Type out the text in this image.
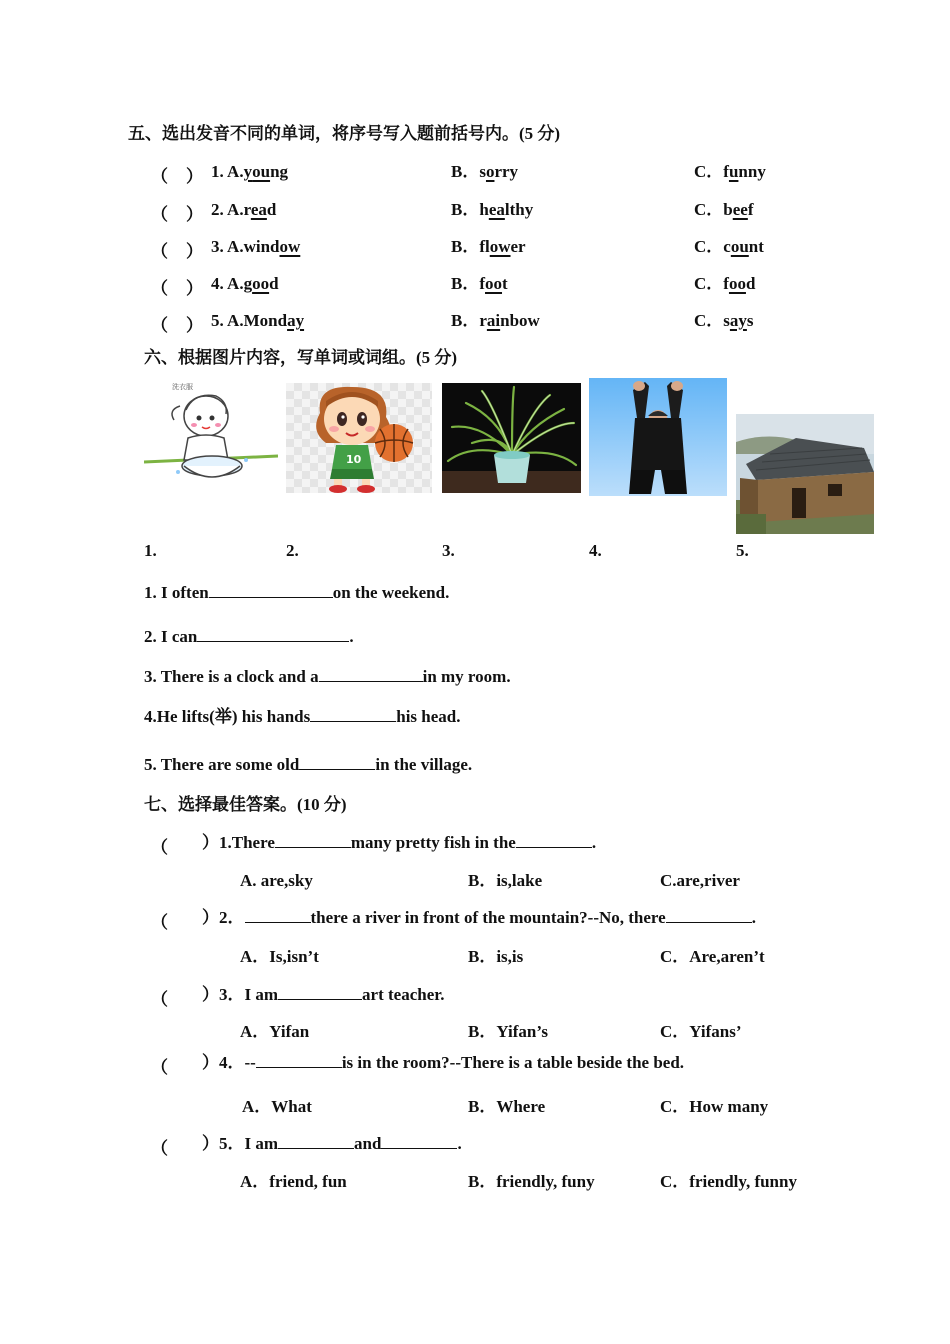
五、选出发音不同的单词，将序号写入题前括号内。(5 分)
（ ） 1. A.young	B．sorry	C．funny
（ ） 2. A.read	B．healthy	C．beef
（ ） 3. A.window	B．flower	C．count
（ ） 4. A.good	B．foot	C．food
（ ） 5. A.Monday	B．rainbow	C．says
六、根据图片内容，写单词或词组。(5 分)
洗衣服
10
1.	2.	3.	4.	5.
1. I often	on the weekend.
2. I can	.
3. There is a clock and a	in my room.
4.He lifts(举) his hands	his head.
5. There are some old	in the village.
七、选择最佳答案。(10 分)
（ ）1.There	many pretty fish in the	.
A. are,sky	B．is,lake	C.are,river
（ ）2．	there a river in front of the mountain?--No, there	.
A．Is,isn’t	B．is,is	C．Are,aren’t
（ ）3．I am	art teacher.
A．Yifan	B．Yifan’s	C．Yifans’
（ ）4．--	is in the room?--There is a table beside the bed.
A．What	B．Where	C．How many
（ ）5．I am	and	.
A．friend, fun	B．friendly, funy	C．friendly, funny
